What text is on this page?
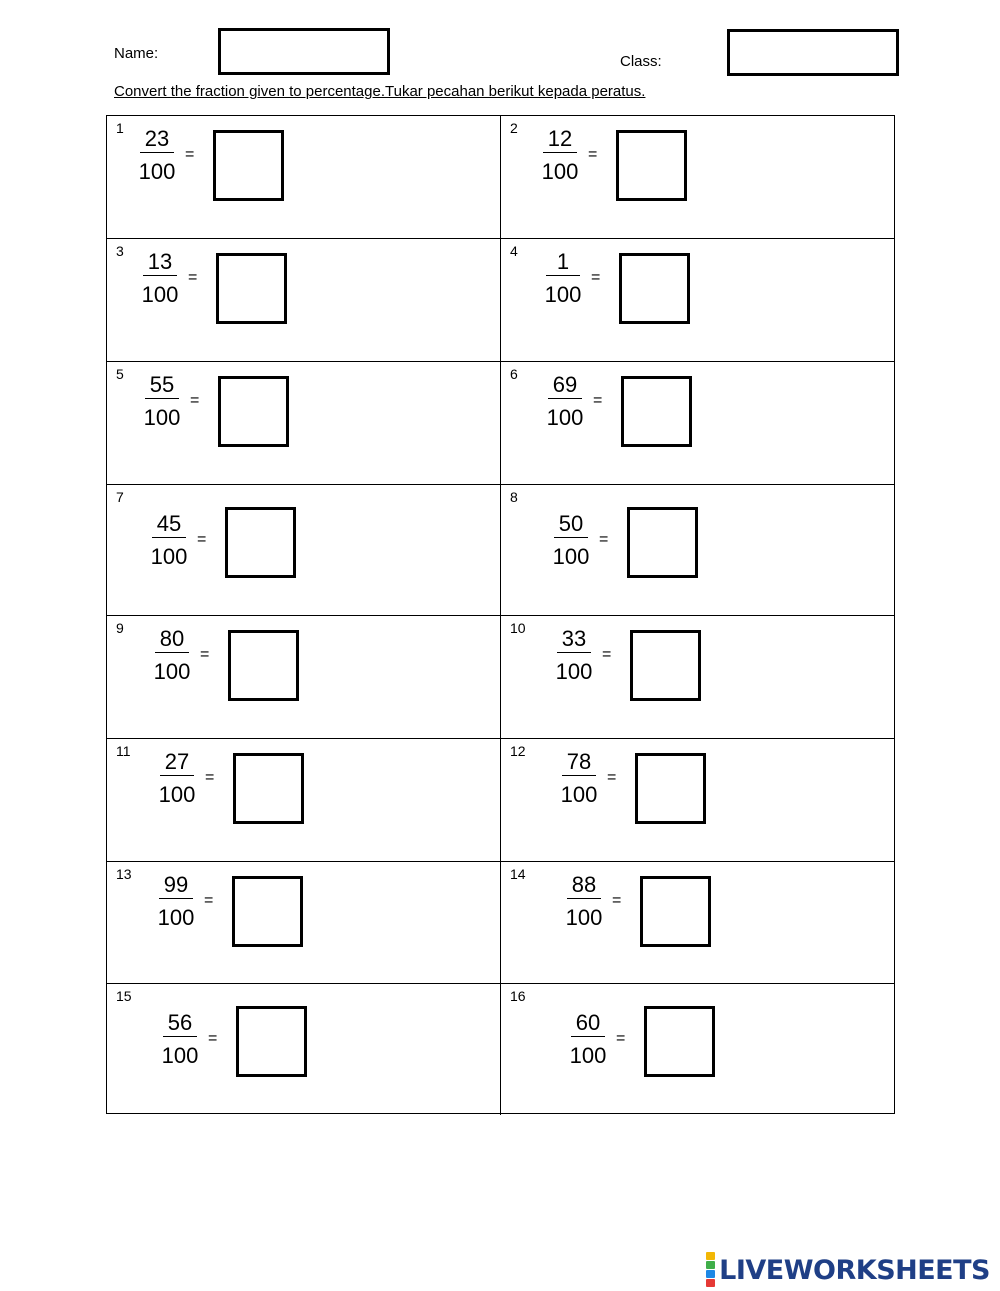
Name:	Class:
Convert the fraction given to percentage.Tukar pecahan berikut kepada peratus.
$1 \frac{23}{100}$ =
$2 \frac{12}{100}$ =
$3 \frac{13}{100}$ =
$4 \frac{1}{100}$ =
$5 \frac{55}{100}$ =
$6 \frac{69}{100}$ =
7
$\frac{45}{100}$ =
8
$\frac{50}{100}$ =
$9 \frac{80}{100}$ =
$10 \frac{33}{100}$ =
$11 \frac{27}{100}$ =
$12 \frac{78}{100}$ =
$13 \frac{99}{100}$ =
$14 \frac{88}{100}$ =
15
$\frac{56}{100}$ =
16
$\frac{60}{100}$ =
LIVEWORKSHEETS
